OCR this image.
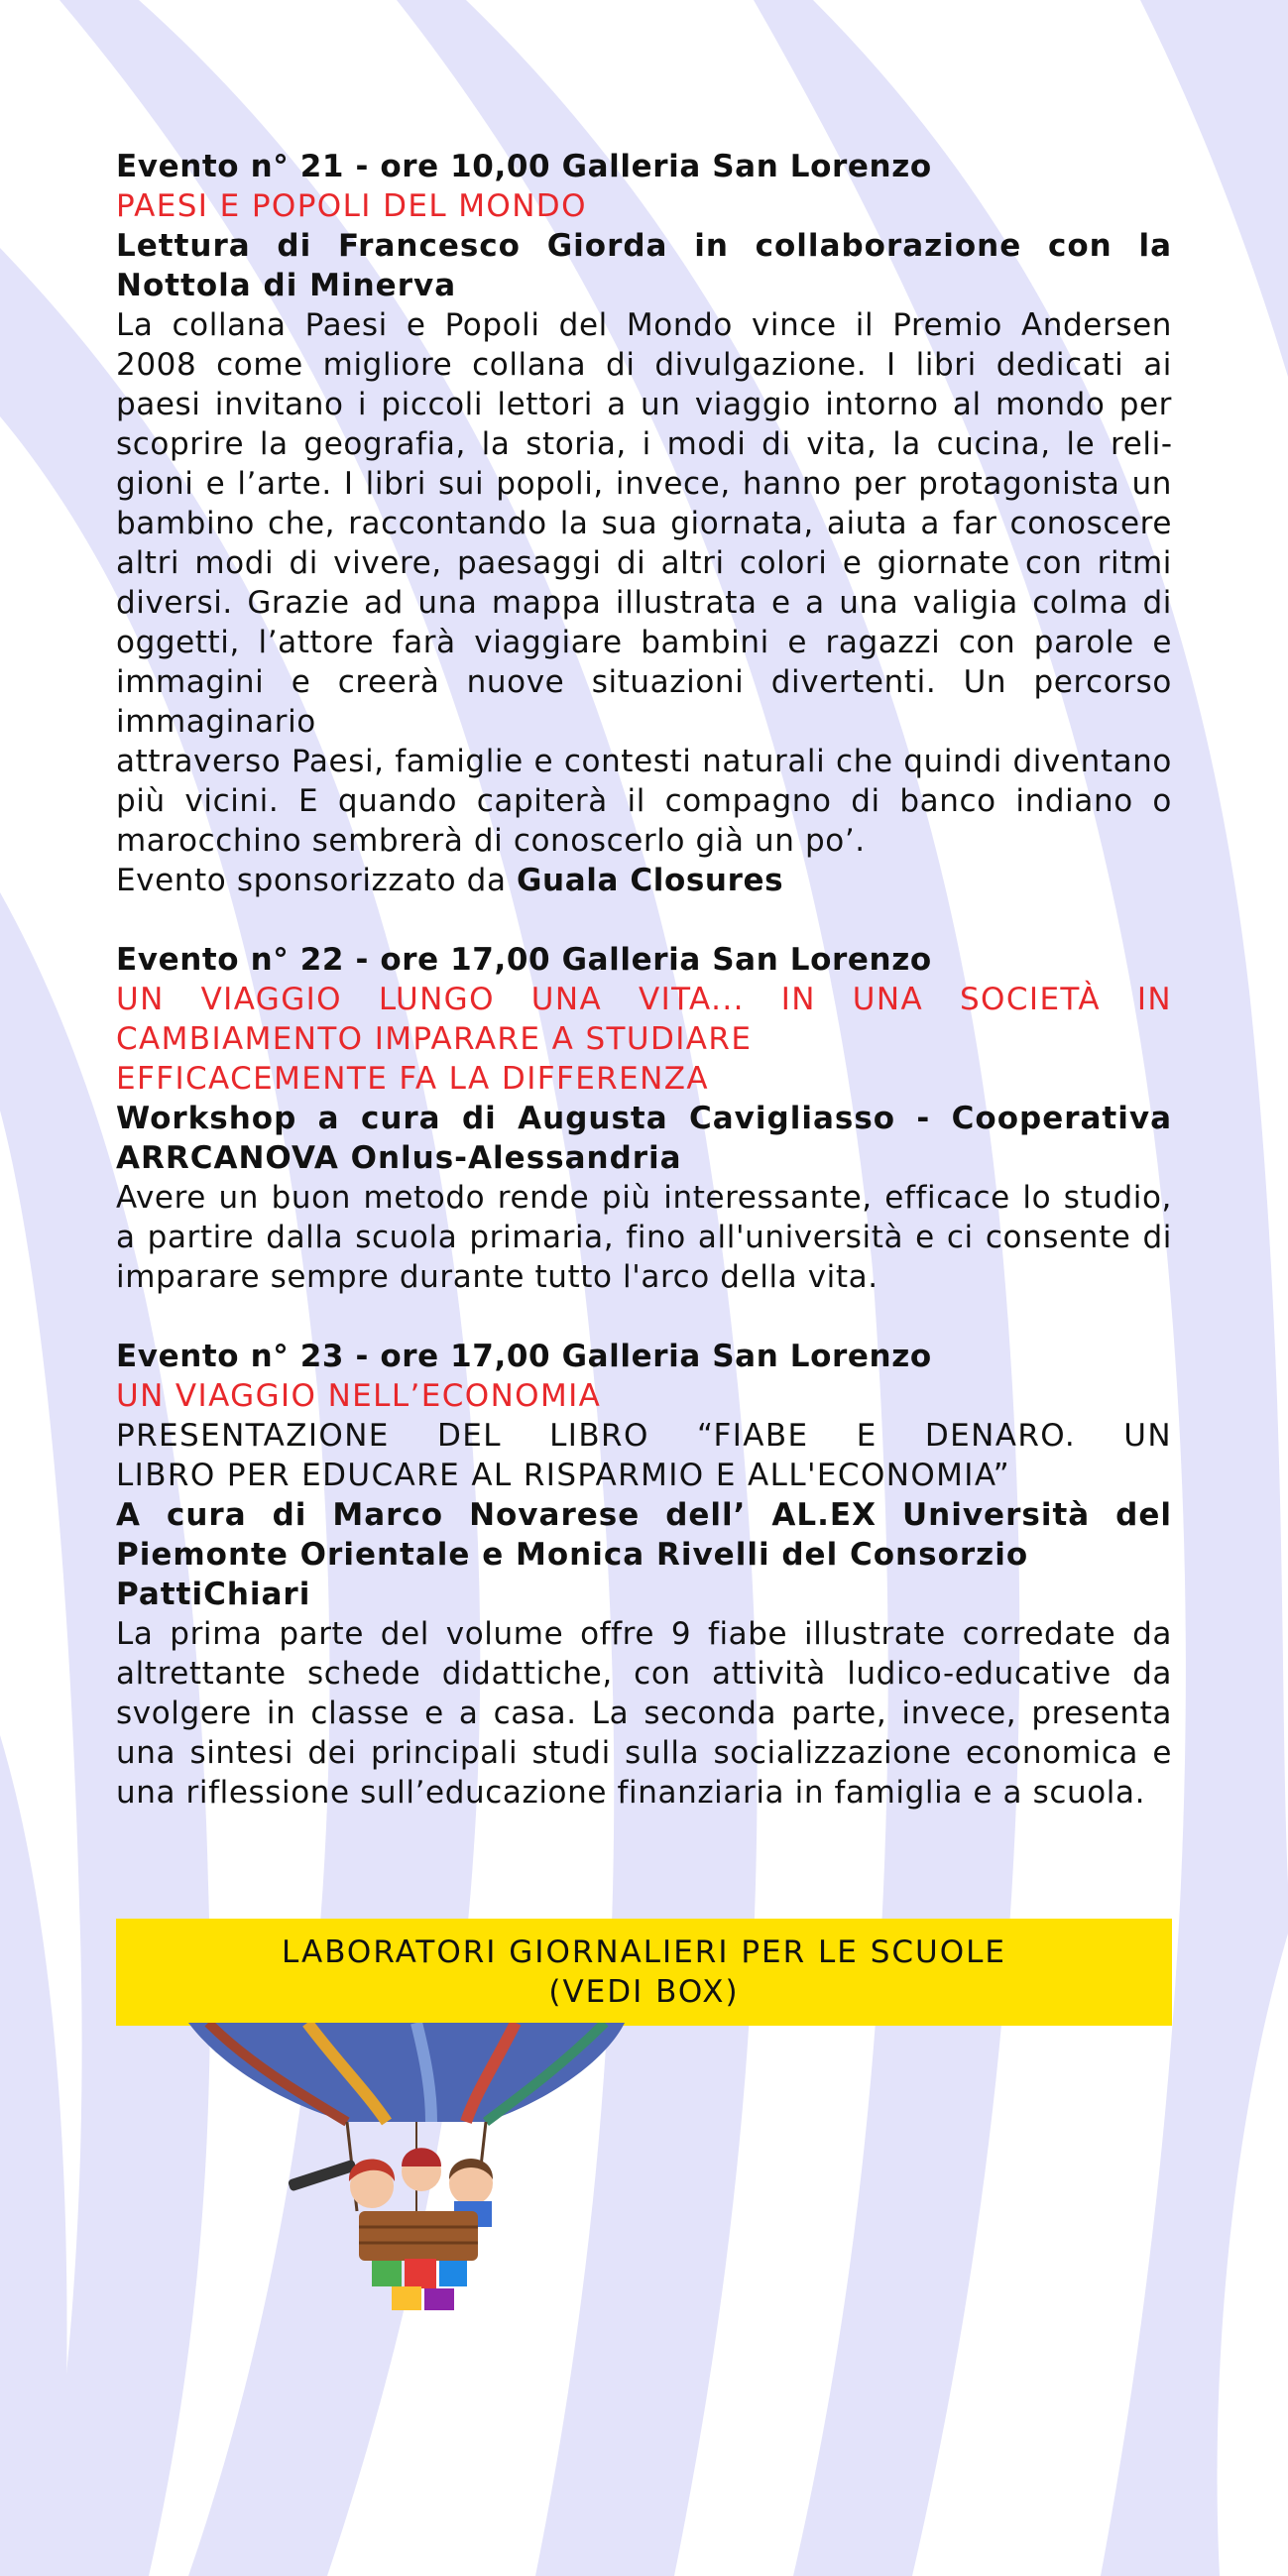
Evento n° 21 - ore 10,00 Galleria San Lorenzo
PAESI E POPOLI DEL MONDO
Lettura di Francesco Giorda in collaborazione con la
Nottola di Minerva

La collana Paesi e Popoli del Mondo vince il Premio Andersen 2008 come migliore collana di divulgazione. I libri dedicati ai paesi invitano i piccoli lettori a un viaggio intorno al mondo per scoprire la geografia, la storia, i modi di vita, la cucina, le religioni e l’arte. I libri sui popoli, invece, hanno per protagonista un bambino che, raccontando la sua giornata, aiuta a far conoscere altri modi di vivere, paesaggi di altri colori e giornate con ritmi diversi. Grazie ad una mappa illustrata e a una valigia colma di oggetti, l’attore farà viaggiare bambini e ragazzi con parole e immagini e creerà nuove situazioni divertenti. Un percorso immaginario

attraverso Paesi, famiglie e contesti naturali che quindi diventano più vicini. E quando capiterà il compagno di banco indiano o marocchino sembrerà di conoscerlo già un po’.

Evento sponsorizzato da Guala Closures
Evento n° 22 - ore 17,00 Galleria San Lorenzo
UN VIAGGIO LUNGO UNA VITA... IN UNA SOCIETÀ IN
CAMBIAMENTO IMPARARE A STUDIARE
EFFICACEMENTE FA LA DIFFERENZA
Workshop a cura di Augusta Cavigliasso - Cooperativa
ARRCANOVA Onlus-Alessandria

Avere un buon metodo rende più interessante, efficace lo studio, a partire dalla scuola primaria, fino all'università e ci consente di imparare sempre durante tutto l'arco della vita.

Evento n° 23 - ore 17,00 Galleria San Lorenzo
UN VIAGGIO NELL’ECONOMIA
PRESENTAZIONE DEL LIBRO “FIABE E DENARO. UN
LIBRO PER EDUCARE AL RISPARMIO E ALL'ECONOMIA”
A cura di Marco Novarese dell’ AL.EX Università del
Piemonte Orientale e Monica Rivelli del Consorzio
PattiChiari

La prima parte del volume offre 9 fiabe illustrate corredate da altrettante schede didattiche, con attività ludico-educative da svolgere in classe e a casa. La seconda parte, invece, presenta una sintesi dei principali studi sulla socializzazione economica e una riflessione sull’educazione finanziaria in famiglia e a scuola.

LABORATORI GIORNALIERI PER LE SCUOLE
(VEDI BOX)
